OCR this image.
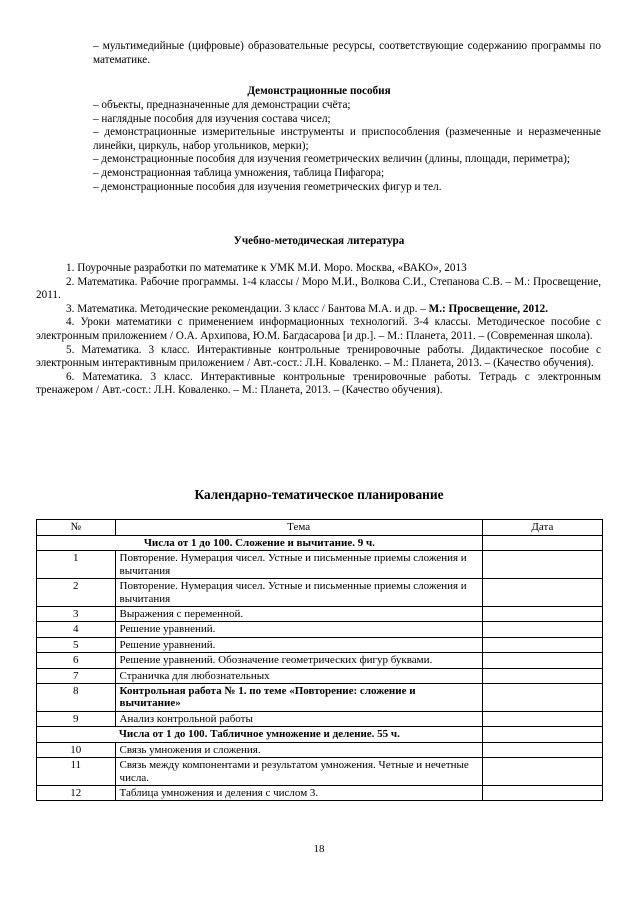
– мультимедийные (цифровые) образовательные ресурсы, соответствующие содержанию программы по математике.

Демонстрационные пособия

– объекты, предназначенные для демонстрации счёта;

– наглядные пособия для изучения состава чисел;

– демонстрационные измерительные инструменты и приспособления (размеченные и неразмеченные линейки, циркуль, набор угольников, мерки);

– демонстрационные пособия для изучения геометрических величин (длины, площади, периметра);

– демонстрационная таблица умножения, таблица Пифагора;

– демонстрационные пособия для изучения геометрических фигур и тел.

Учебно-методическая литература

1. Поурочные разработки по математике к УМК М.И. Моро. Москва, «ВАКО», 2013

2. Математика. Рабочие программы. 1-4 классы / Моро М.И., Волкова С.И., Степанова С.В. – М.: Просвещение, 2011.

3. Математика. Методические рекомендации. 3 класс / Бантова М.А. и др. – М.: Просвещение, 2012.

4. Уроки математики с применением информационных технологий. 3-4 классы. Методическое пособие с электронным приложением / О.А. Архипова, Ю.М. Багдасарова [и др.]. – М.: Планета, 2011. – (Современная школа).

5. Математика. 3 класс. Интерактивные контрольные тренировочные работы. Дидактическое пособие с электронным интерактивным приложением / Авт.-сост.: Л.Н. Коваленко. – М.: Планета, 2013. – (Качество обучения).

6. Математика. 3 класс. Интерактивные контрольные тренировочные работы. Тетрадь с электронным тренажером / Авт.-сост.: Л.Н. Коваленко. – М.: Планета, 2013. – (Качество обучения).

Календарно-тематическое планирование
№	Тема	Дата
Числа от 1 до 100. Сложение и вычитание. 9 ч.		
1	Повторение. Нумерация чисел. Устные и письменные приемы сложения и вычитания	
2	Повторение. Нумерация чисел. Устные и письменные приемы сложения и вычитания	
3	Выражения с переменной.	
4	Решение уравнений.	
5	Решение уравнений.	
6	Решение уравнений. Обозначение геометрических фигур буквами.	
7	Страничка для любознательных	
8	Контрольная работа № 1. по теме «Повторение: сложение и вычитание»	
9	Анализ контрольной работы	
Числа от 1 до 100. Табличное умножение и деление. 55 ч.		
10	Связь умножения и сложения.	
11	Связь между компонентами и результатом умножения. Четные и нечетные числа.	
12	Таблица умножения и деления с числом 3.	
18
